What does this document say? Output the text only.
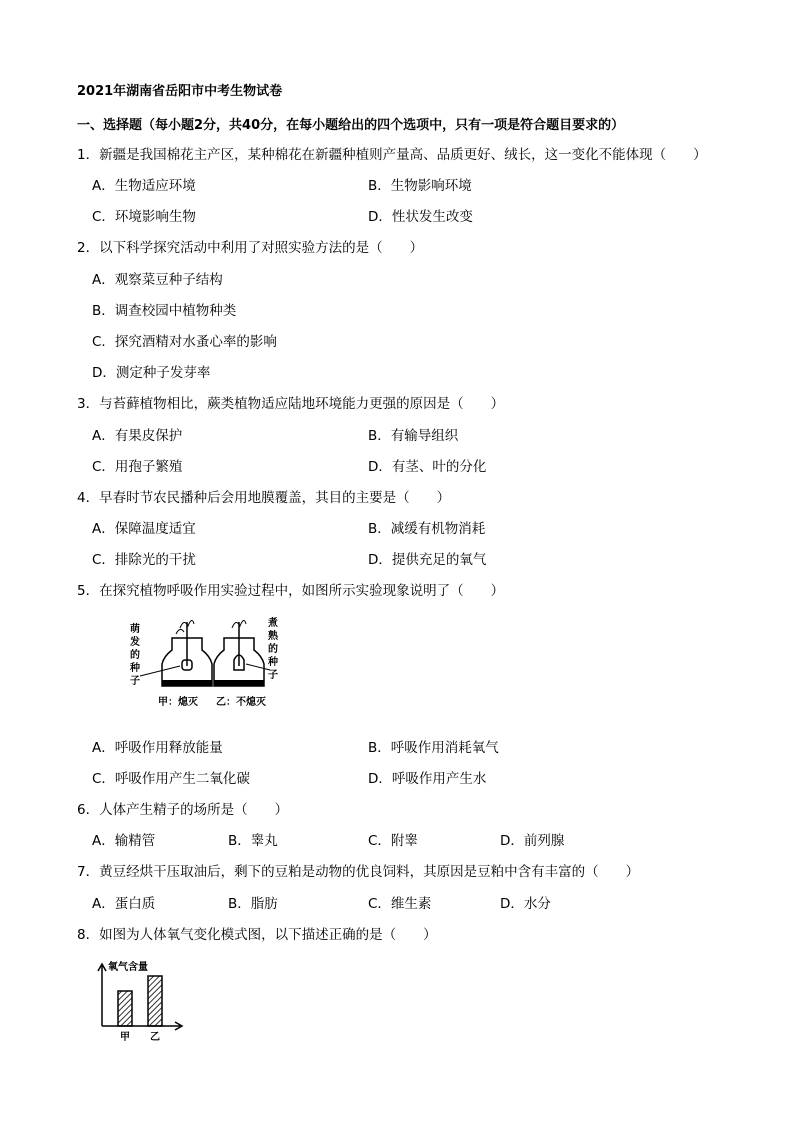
2021年湖南省岳阳市中考生物试卷
一、选择题（每小题2分，共40分，在每小题给出的四个选项中，只有一项是符合题目要求的）
1．新疆是我国棉花主产区，某种棉花在新疆种植则产量高、品质更好、绒长，这一变化不能体现（　　）
A．生物适应环境	B．生物影响环境
C．环境影响生物	D．性状发生改变
2．以下科学探究活动中利用了对照实验方法的是（　　）
A．观察菜豆种子结构
B．调查校园中植物种类
C．探究酒精对水蚤心率的影响
D．测定种子发芽率
3．与苔藓植物相比，蕨类植物适应陆地环境能力更强的原因是（　　）
A．有果皮保护	B．有输导组织
C．用孢子繁殖	D．有茎、叶的分化
4．早春时节农民播种后会用地膜覆盖，其目的主要是（　　）
A．保障温度适宜	B．减缓有机物消耗
C．排除光的干扰	D．提供充足的氧气
5．在探究植物呼吸作用实验过程中，如图所示实验现象说明了（　　）
萌
发
的
种
子
煮
熟
的
种
子
甲：熄灭 乙：不熄灭
A．呼吸作用释放能量	B．呼吸作用消耗氧气
C．呼吸作用产生二氧化碳	D．呼吸作用产生水
6．人体产生精子的场所是（　　）
A．输精管	B．睾丸	C．附睾	D．前列腺
7．黄豆经烘干压取油后，剩下的豆粕是动物的优良饲料，其原因是豆粕中含有丰富的（　　）
A．蛋白质	B．脂肪	C．维生素	D．水分
8．如图为人体氧气变化模式图，以下描述正确的是（　　）
氧气含量
甲 乙
